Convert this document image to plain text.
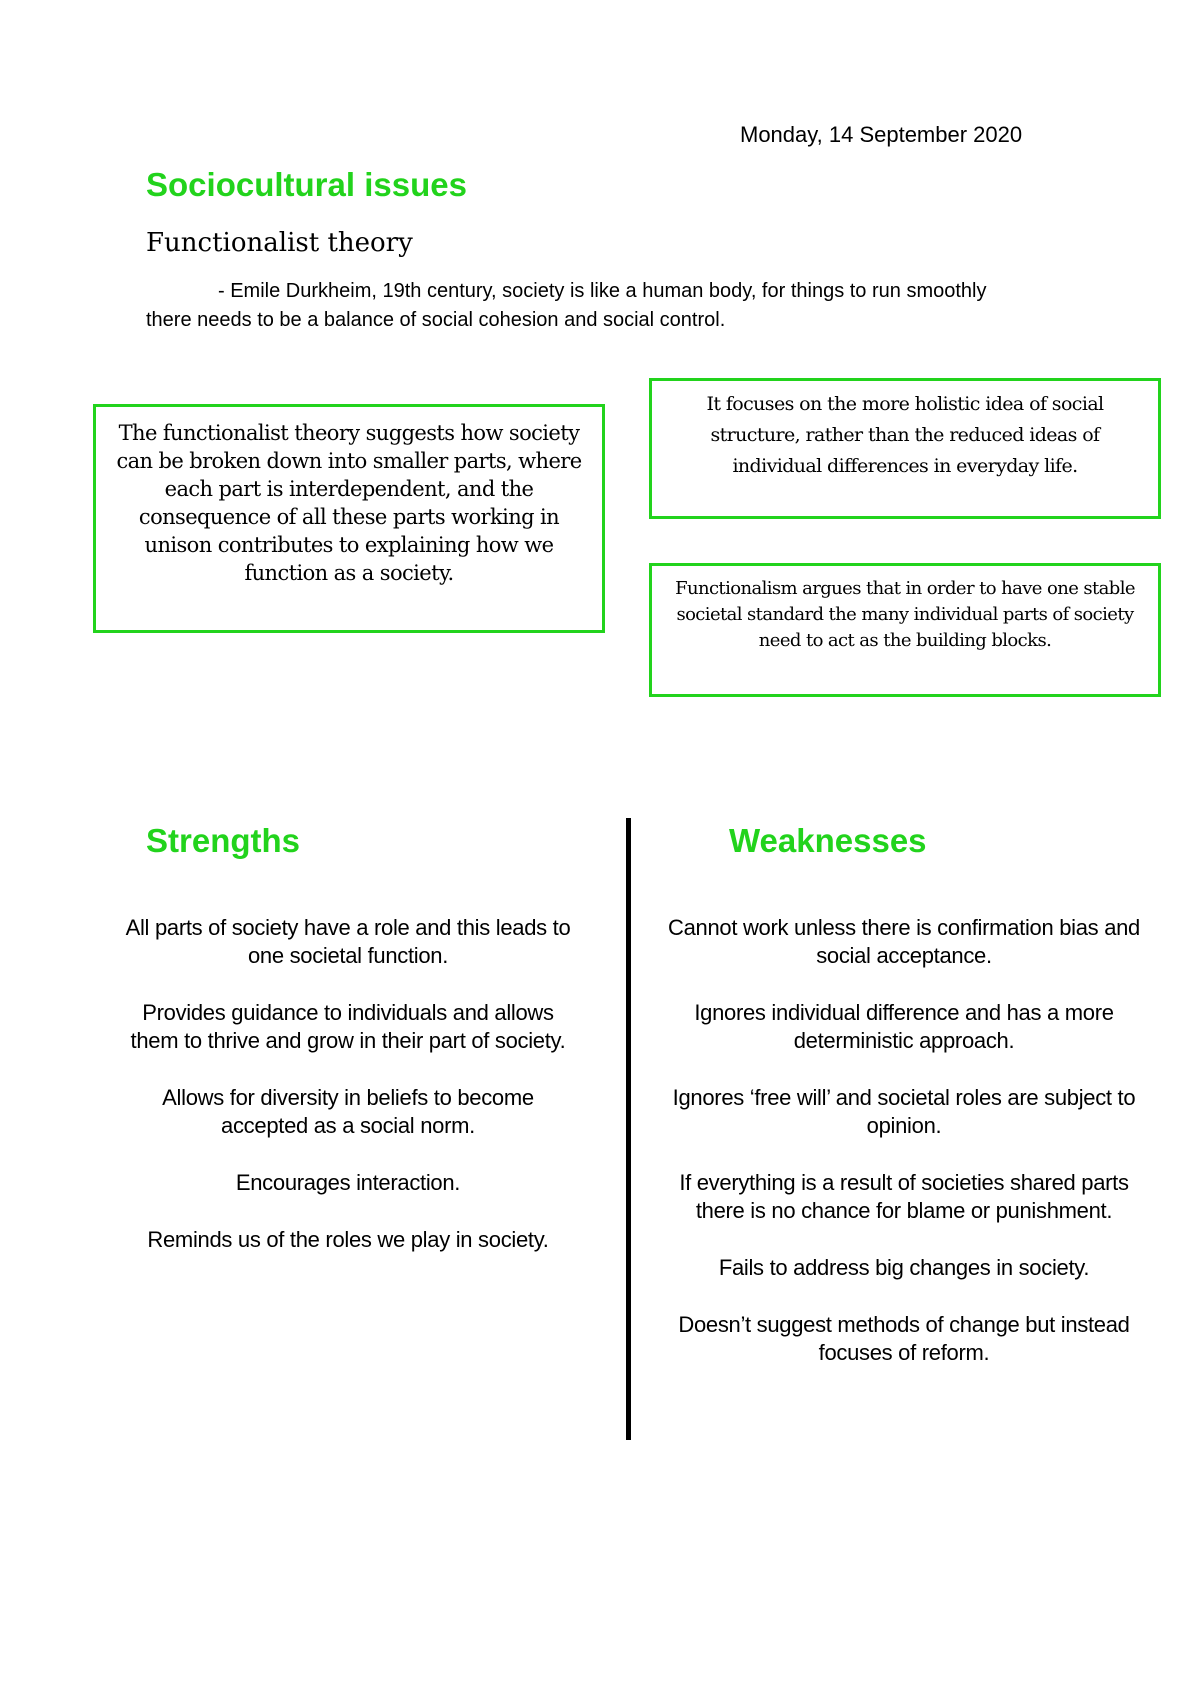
Monday, 14 September 2020
Sociocultural issues
Functionalist theory

- Emile Durkheim, 19th century, society is like a human body, for things to run smoothly there needs to be a balance of social cohesion and social control.

The functionalist theory suggests how society can be broken down into smaller parts, where each part is interdependent, and the consequence of all these parts working in unison contributes to explaining how we function as a society.
It focuses on the more holistic idea of social structure, rather than the reduced ideas of individual differences in everyday life.
Functionalism argues that in order to have one stable societal standard the many individual parts of society need to act as the building blocks.
Strengths	Weaknesses
All parts of society have a role and this leads to one societal function.
Provides guidance to individuals and allows them to thrive and grow in their part of society.
Allows for diversity in beliefs to become accepted as a social norm.
Encourages interaction.
Reminds us of the roles we play in society.
Cannot work unless there is confirmation bias and social acceptance.
Ignores individual difference and has a more deterministic approach.
Ignores ‘free will’ and societal roles are subject to opinion.
If everything is a result of societies shared parts there is no chance for blame or punishment.
Fails to address big changes in society.
Doesn’t suggest methods of change but instead focuses of reform.
